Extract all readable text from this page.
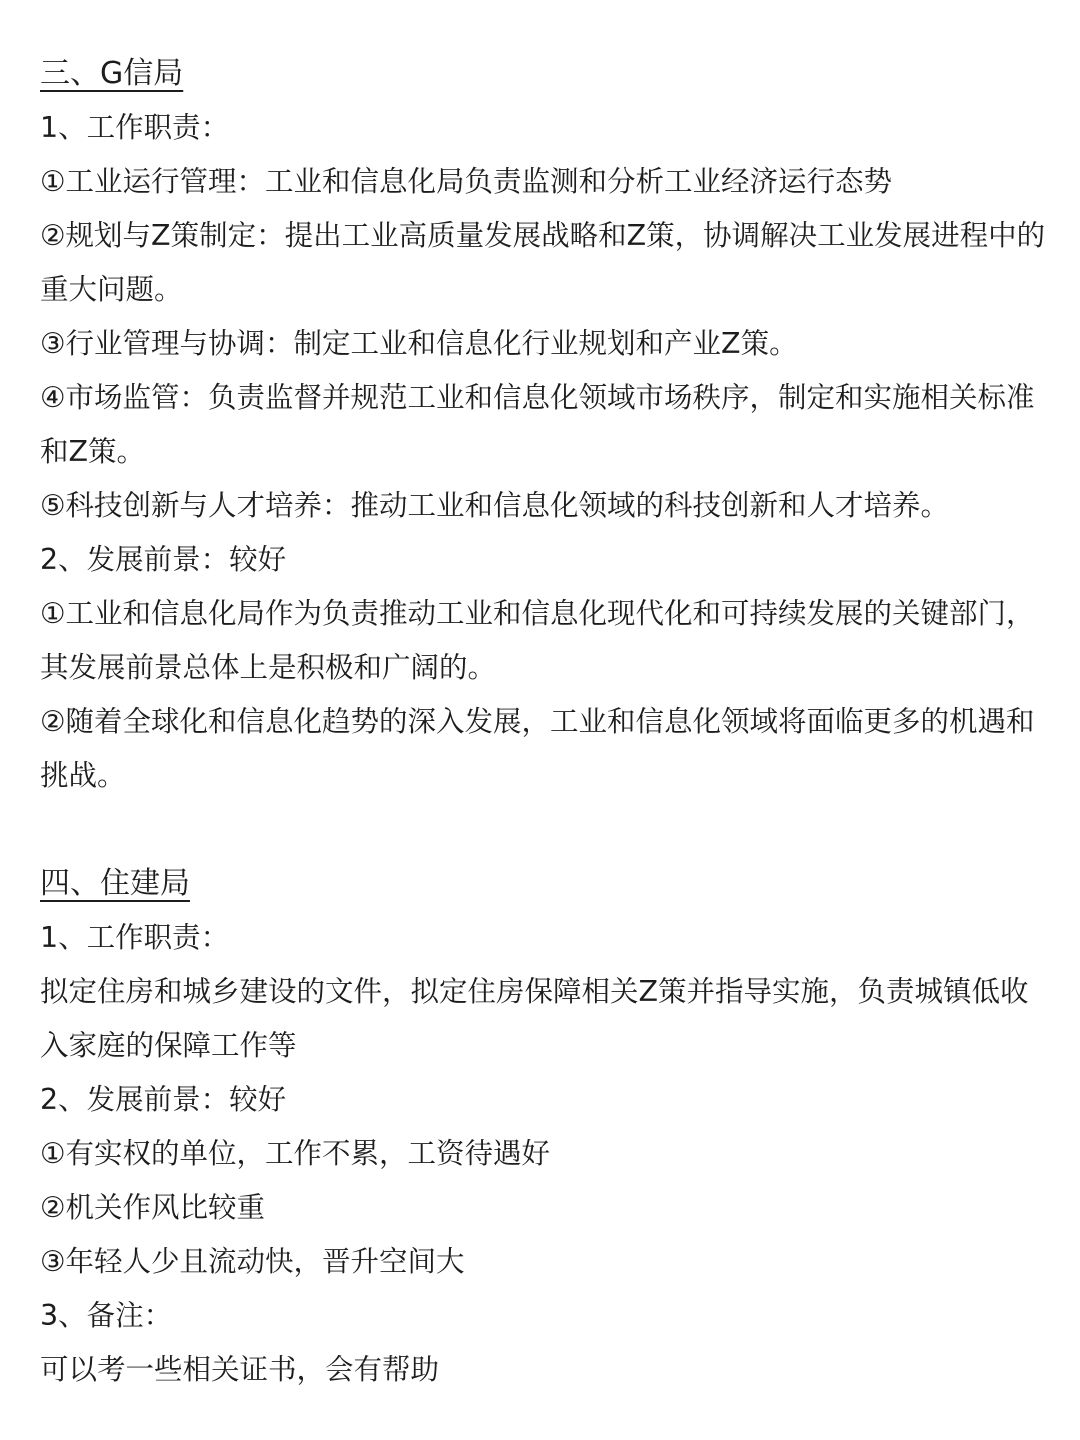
三、G信局
1、工作职责：
①工业运行管理：工业和信息化局负责监测和分析工业经济运行态势
②规划与Z策制定：提出工业高质量发展战略和Z策，协调解决工业发展进程中的重大问题。
③行业管理与协调：制定工业和信息化行业规划和产业Z策。
④市场监管：负责监督并规范工业和信息化领域市场秩序，制定和实施相关标准和Z策。
⑤科技创新与人才培养：推动工业和信息化领域的科技创新和人才培养。
2、发展前景：较好
①工业和信息化局作为负责推动工业和信息化现代化和可持续发展的关键部门，其发展前景总体上是积极和广阔的。
②随着全球化和信息化趋势的深入发展，工业和信息化领域将面临更多的机遇和挑战。
四、住建局
1、工作职责：
拟定住房和城乡建设的文件，拟定住房保障相关Z策并指导实施，负责城镇低收入家庭的保障工作等
2、发展前景：较好
①有实权的单位，工作不累，工资待遇好
②机关作风比较重
③年轻人少且流动快，晋升空间大
3、备注：
可以考一些相关证书，会有帮助
